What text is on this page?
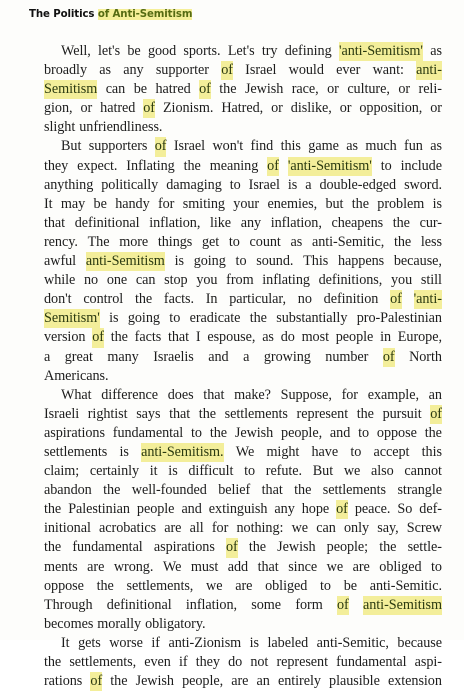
The Politics of Anti-Semitism
Well, let's be good sports. Let's try defining 'anti-Semitism' as
broadly as any supporter of Israel would ever want: anti-
Semitism can be hatred of the Jewish race, or culture, or reli-
gion, or hatred of Zionism. Hatred, or dislike, or opposition, or
slight unfriendliness.
But supporters of Israel won't find this game as much fun as
they expect. Inflating the meaning of 'anti-Semitism' to include
anything politically damaging to Israel is a double-edged sword.
It may be handy for smiting your enemies, but the problem is
that definitional inflation, like any inflation, cheapens the cur-
rency. The more things get to count as anti-Semitic, the less
awful anti-Semitism is going to sound. This happens because,
while no one can stop you from inflating definitions, you still
don't control the facts. In particular, no definition of 'anti-
Semitism' is going to eradicate the substantially pro-Palestinian
version of the facts that I espouse, as do most people in Europe,
a great many Israelis and a growing number of North
Americans.
What difference does that make? Suppose, for example, an
Israeli rightist says that the settlements represent the pursuit of
aspirations fundamental to the Jewish people, and to oppose the
settlements is anti-Semitism. We might have to accept this
claim; certainly it is difficult to refute. But we also cannot
abandon the well-founded belief that the settlements strangle
the Palestinian people and extinguish any hope of peace. So def-
initional acrobatics are all for nothing: we can only say, Screw
the fundamental aspirations of the Jewish people; the settle-
ments are wrong. We must add that since we are obliged to
oppose the settlements, we are obliged to be anti-Semitic.
Through definitional inflation, some form of anti-Semitism
becomes morally obligatory.
It gets worse if anti-Zionism is labeled anti-Semitic, because
the settlements, even if they do not represent fundamental aspi-
rations of the Jewish people, are an entirely plausible extension
